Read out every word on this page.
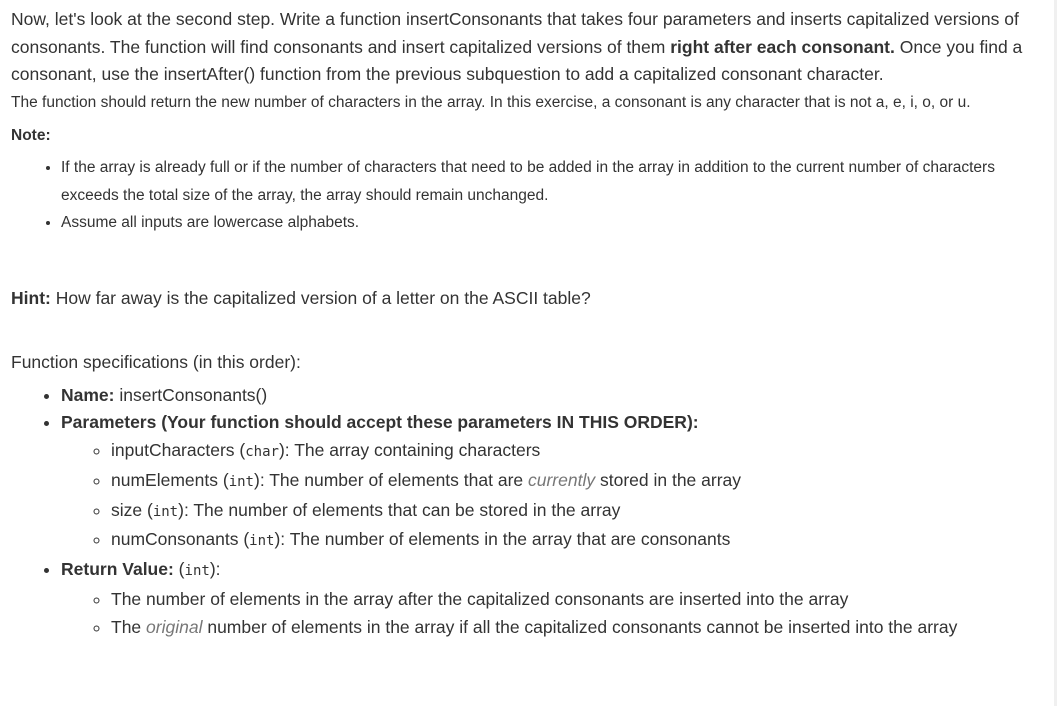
Now, let's look at the second step. Write a function insertConsonants that takes four parameters and inserts capitalized versions of consonants. The function will find consonants and insert capitalized versions of them right after each consonant. Once you find a consonant, use the insertAfter() function from the previous subquestion to add a capitalized consonant character.

The function should return the new number of characters in the array. In this exercise, a consonant is any character that is not a, e, i, o, or u.

Note:

• If the array is already full or if the number of characters that need to be added in the array in addition to the current number of characters exceeds the total size of the array, the array should remain unchanged.
• Assume all inputs are lowercase alphabets.

Hint: How far away is the capitalized version of a letter on the ASCII table?

Function specifications (in this order):

• Name: insertConsonants()
• Parameters (Your function should accept these parameters IN THIS ORDER):
◦ inputCharacters (char): The array containing characters
◦ numElements (int): The number of elements that are currently stored in the array
◦ size (int): The number of elements that can be stored in the array
◦ numConsonants (int): The number of elements in the array that are consonants
• Return Value: (int):
◦ The number of elements in the array after the capitalized consonants are inserted into the array
◦ The original number of elements in the array if all the capitalized consonants cannot be inserted into the array
